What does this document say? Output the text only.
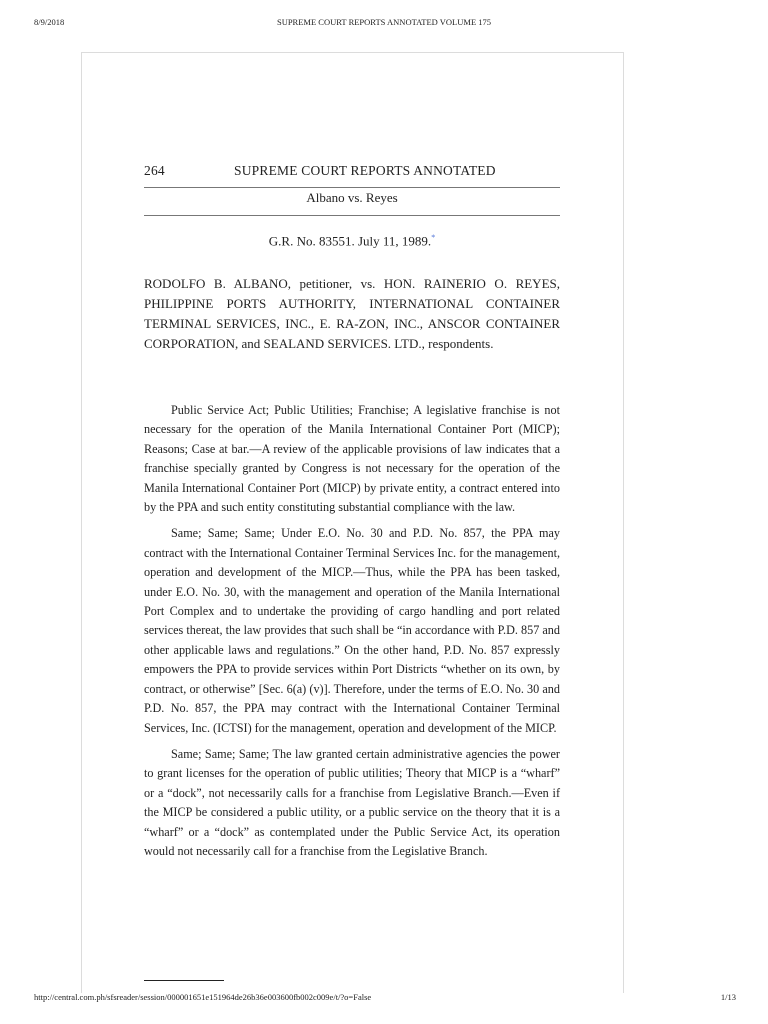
8/9/2018	SUPREME COURT REPORTS ANNOTATED VOLUME 175
264	SUPREME COURT REPORTS ANNOTATED
Albano vs. Reyes
G.R. No. 83551. July 11, 1989.*

RODOLFO B. ALBANO, petitioner, vs. HON. RAINERIO O. REYES, PHILIPPINE PORTS AUTHORITY, INTERNATIONAL CONTAINER TERMINAL SERVICES, INC., E. RA-ZON, INC., ANSCOR CONTAINER CORPORATION, and SEALAND SERVICES. LTD., respondents.

Public Service Act; Public Utilities; Franchise; A legislative franchise is not necessary for the operation of the Manila International Container Port (MICP); Reasons; Case at bar.—A review of the applicable provisions of law indicates that a franchise specially granted by Congress is not necessary for the operation of the Manila International Container Port (MICP) by private entity, a contract entered into by the PPA and such entity constituting substantial compliance with the law.

Same; Same; Same; Under E.O. No. 30 and P.D. No. 857, the PPA may contract with the International Container Terminal Services Inc. for the management, operation and development of the MICP.—Thus, while the PPA has been tasked, under E.O. No. 30, with the management and operation of the Manila International Port Complex and to undertake the providing of cargo handling and port related services thereat, the law provides that such shall be “in accordance with P.D. 857 and other applicable laws and regulations.” On the other hand, P.D. No. 857 expressly empowers the PPA to provide services within Port Districts “whether on its own, by contract, or otherwise” [Sec. 6(a) (v)]. Therefore, under the terms of E.O. No. 30 and P.D. No. 857, the PPA may contract with the International Container Terminal Services, Inc. (ICTSI) for the management, operation and development of the MICP.

Same; Same; Same; The law granted certain administrative agencies the power to grant licenses for the operation of public utilities; Theory that MICP is a “wharf” or a “dock”, not necessarily calls for a franchise from Legislative Branch.—Even if the MICP be considered a public utility, or a public service on the theory that it is a “wharf” or a “dock” as contemplated under the Public Service Act, its operation would not necessarily call for a franchise from the Legislative Branch.

http://central.com.ph/sfsreader/session/000001651e151964de26b36e003600fb002c009e/t/?o=False	1/13
